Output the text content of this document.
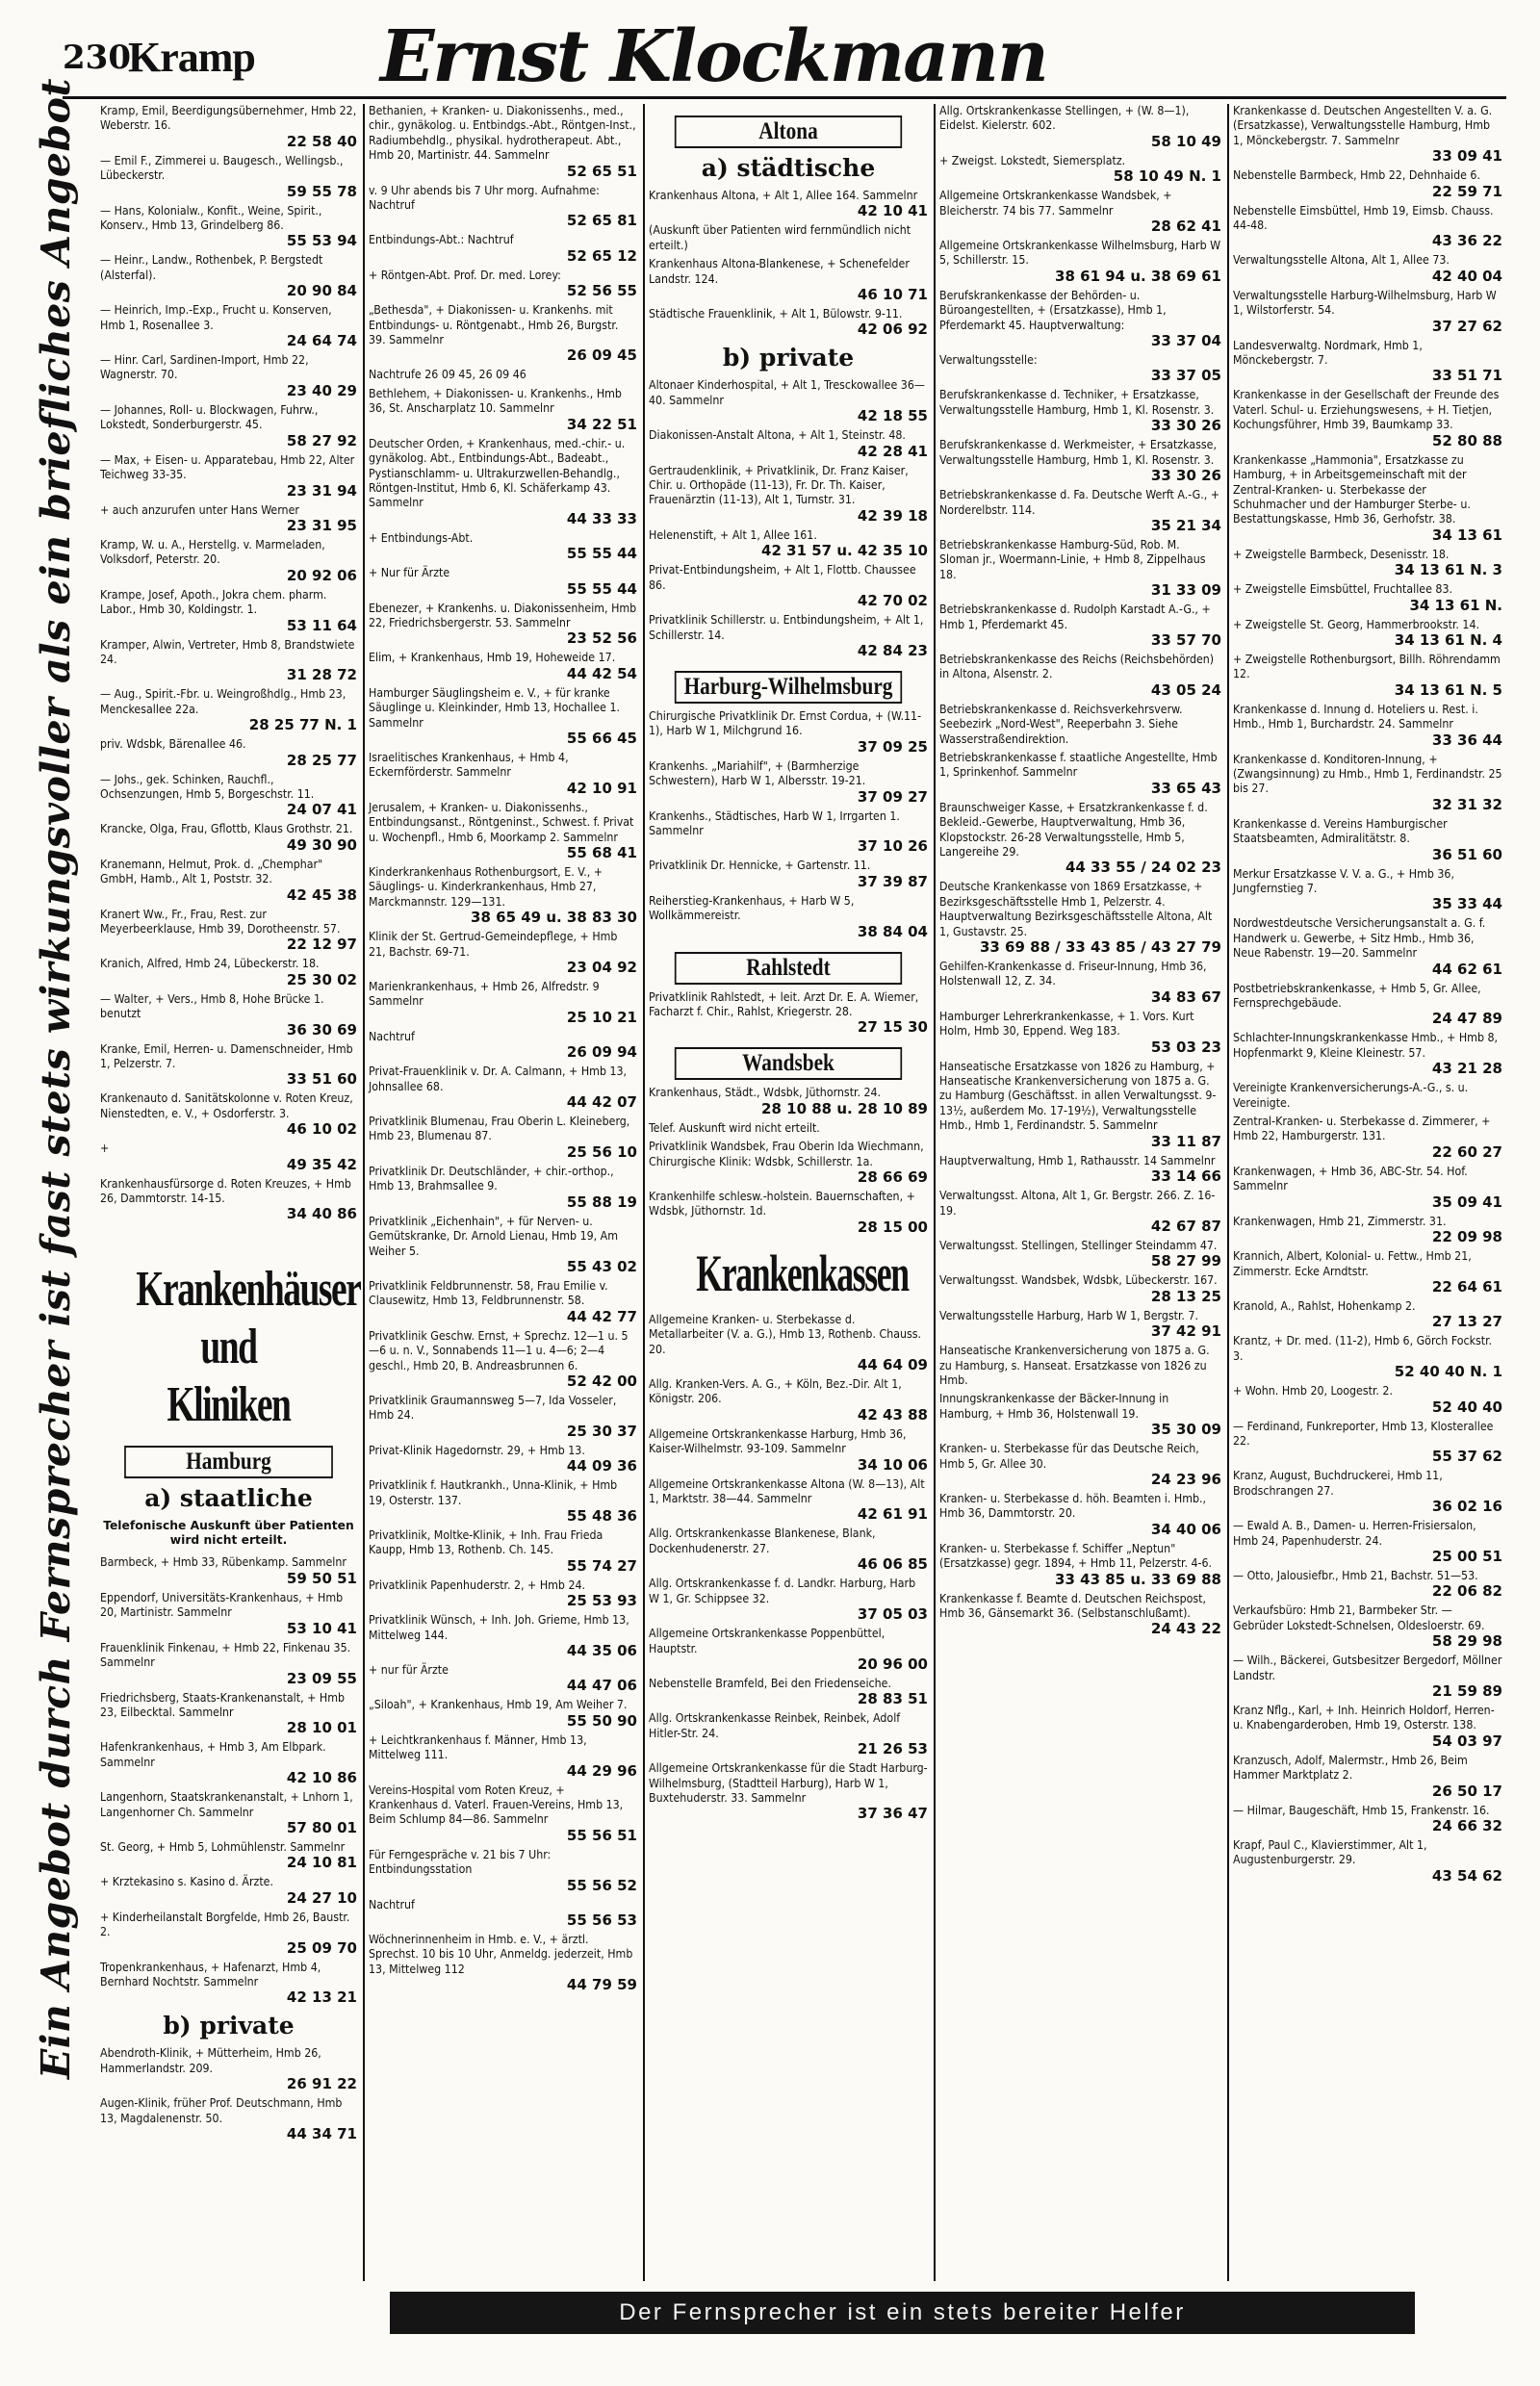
230
Kramp Ernst Klockmann
Ein Angebot durch Fernsprecher ist fast stets wirkungsvoller als ein briefliches Angebot	Kramp, Emil, Beerdigungsübernehmer, Hmb 22, Weberstr. 16.
22 58 40
— Emil F., Zimmerei u. Baugesch., Wellingsb., Lübeckerstr.
59 55 78
— Hans, Kolonialw., Konfit., Weine, Spirit., Konserv., Hmb 13, Grindelberg 86.
55 53 94
— Heinr., Landw., Rothenbek, P. Bergstedt (Alsterfal).
20 90 84
— Heinrich, Imp.-Exp., Frucht u. Konserven, Hmb 1, Rosenallee 3.
24 64 74
— Hinr. Carl, Sardinen-Import, Hmb 22, Wagnerstr. 70.
23 40 29
— Johannes, Roll- u. Blockwagen, Fuhrw., Lokstedt, Sonderburgerstr. 45.
58 27 92
— Max, + Eisen- u. Apparatebau, Hmb 22, Alter Teichweg 33-35.
23 31 94
+ auch anzurufen unter Hans Werner
23 31 95
Kramp, W. u. A., Herstellg. v. Marmeladen, Volksdorf, Peterstr. 20.
20 92 06
Krampe, Josef, Apoth., Jokra chem. pharm. Labor., Hmb 30, Koldingstr. 1.
53 11 64
Kramper, Alwin, Vertreter, Hmb 8, Brandstwiete 24.
31 28 72
— Aug., Spirit.-Fbr. u. Weingroßhdlg., Hmb 23, Menckesallee 22a.
28 25 77 N. 1
priv. Wdsbk, Bärenallee 46.
28 25 77
— Johs., gek. Schinken, Rauchfl., Ochsenzungen, Hmb 5, Borgeschstr. 11.
24 07 41
Krancke, Olga, Frau, Gflottb, Klaus Grothstr. 21.
49 30 90
Kranemann, Helmut, Prok. d. „Chemphar" GmbH, Hamb., Alt 1, Poststr. 32.
42 45 38
Kranert Ww., Fr., Frau, Rest. zur Meyerbeerklause, Hmb 39, Dorotheenstr. 57.
22 12 97
Kranich, Alfred, Hmb 24, Lübeckerstr. 18.
25 30 02
— Walter, + Vers., Hmb 8, Hohe Brücke 1. benutzt
36 30 69
Kranke, Emil, Herren- u. Damenschneider, Hmb 1, Pelzerstr. 7.
33 51 60
Krankenauto d. Sanitätskolonne v. Roten Kreuz, Nienstedten, e. V., + Osdorferstr. 3.
46 10 02
+
49 35 42
Krankenhausfürsorge d. Roten Kreuzes, + Hmb 26, Dammtorstr. 14-15.
34 40 86
Krankenhäuser und Kliniken
Hamburg
a) staatliche
Telefonische Auskunft über Patienten wird nicht erteilt.
Barmbeck, + Hmb 33, Rübenkamp. Sammelnr
59 50 51
Eppendorf, Universitäts-Krankenhaus, + Hmb 20, Martinistr. Sammelnr
53 10 41
Frauenklinik Finkenau, + Hmb 22, Finkenau 35. Sammelnr
23 09 55
Friedrichsberg, Staats-Krankenanstalt, + Hmb 23, Eilbecktal. Sammelnr
28 10 01
Hafenkrankenhaus, + Hmb 3, Am Elbpark. Sammelnr
42 10 86
Langenhorn, Staatskrankenanstalt, + Lnhorn 1, Langenhorner Ch. Sammelnr
57 80 01
St. Georg, + Hmb 5, Lohmühlenstr. Sammelnr
24 10 81
+ Krztekasino s. Kasino d. Ärzte.
24 27 10
+ Kinderheilanstalt Borgfelde, Hmb 26, Baustr. 2.
25 09 70
Tropenkrankenhaus, + Hafenarzt, Hmb 4, Bernhard Nochtstr. Sammelnr
42 13 21
b) private
Abendroth-Klinik, + Mütterheim, Hmb 26, Hammerlandstr. 209.
26 91 22
Augen-Klinik, früher Prof. Deutschmann, Hmb 13, Magdalenenstr. 50.
44 34 71
Bethanien, + Kranken- u. Diakonissenhs., med., chir., gynäkolog. u. Entbindgs.-Abt., Röntgen-Inst., Radiumbehdlg., physikal. hydrotherapeut. Abt., Hmb 20, Martinistr. 44. Sammelnr
52 65 51
v. 9 Uhr abends bis 7 Uhr morg. Aufnahme: Nachtruf
52 65 81
Entbindungs-Abt.: Nachtruf
52 65 12
+ Röntgen-Abt. Prof. Dr. med. Lorey:
52 56 55
„Bethesda", + Diakonissen- u. Krankenhs. mit Entbindungs- u. Röntgenabt., Hmb 26, Burgstr. 39. Sammelnr
26 09 45
Nachtrufe 26 09 45, 26 09 46
Bethlehem, + Diakonissen- u. Krankenhs., Hmb 36, St. Anscharplatz 10. Sammelnr
34 22 51
Deutscher Orden, + Krankenhaus, med.-chir.- u. gynäkolog. Abt., Entbindungs-Abt., Badeabt., Pystianschlamm- u. Ultrakurzwellen-Behandlg., Röntgen-Institut, Hmb 6, Kl. Schäferkamp 43. Sammelnr
44 33 33
+ Entbindungs-Abt.
55 55 44
+ Nur für Ärzte
55 55 44
Ebenezer, + Krankenhs. u. Diakonissenheim, Hmb 22, Friedrichsbergerstr. 53. Sammelnr
23 52 56
Elim, + Krankenhaus, Hmb 19, Hoheweide 17.
44 42 54
Hamburger Säuglingsheim e. V., + für kranke Säuglinge u. Kleinkinder, Hmb 13, Hochallee 1. Sammelnr
55 66 45
Israelitisches Krankenhaus, + Hmb 4, Eckernförderstr. Sammelnr
42 10 91
Jerusalem, + Kranken- u. Diakonissenhs., Entbindungsanst., Röntgeninst., Schwest. f. Privat u. Wochenpfl., Hmb 6, Moorkamp 2. Sammelnr
55 68 41
Kinderkrankenhaus Rothenburgsort, E. V., + Säuglings- u. Kinderkrankenhaus, Hmb 27, Marckmannstr. 129—131.
38 65 49 u. 38 83 30
Klinik der St. Gertrud-Gemeindepflege, + Hmb 21, Bachstr. 69-71.
23 04 92
Marienkrankenhaus, + Hmb 26, Alfredstr. 9 Sammelnr
25 10 21
Nachtruf
26 09 94
Privat-Frauenklinik v. Dr. A. Calmann, + Hmb 13, Johnsallee 68.
44 42 07
Privatklinik Blumenau, Frau Oberin L. Kleineberg, Hmb 23, Blumenau 87.
25 56 10
Privatklinik Dr. Deutschländer, + chir.-orthop., Hmb 13, Brahmsallee 9.
55 88 19
Privatklinik „Eichenhain", + für Nerven- u. Gemütskranke, Dr. Arnold Lienau, Hmb 19, Am Weiher 5.
55 43 02
Privatklinik Feldbrunnenstr. 58, Frau Emilie v. Clausewitz, Hmb 13, Feldbrunnenstr. 58.
44 42 77
Privatklinik Geschw. Ernst, + Sprechz. 12—1 u. 5—6 u. n. V., Sonnabends 11—1 u. 4—6; 2—4 geschl., Hmb 20, B. Andreasbrunnen 6.
52 42 00
Privatklinik Graumannsweg 5—7, Ida Vosseler, Hmb 24.
25 30 37
Privat-Klinik Hagedornstr. 29, + Hmb 13.
44 09 36
Privatklinik f. Hautkrankh., Unna-Klinik, + Hmb 19, Osterstr. 137.
55 48 36
Privatklinik, Moltke-Klinik, + Inh. Frau Frieda Kaupp, Hmb 13, Rothenb. Ch. 145.
55 74 27
Privatklinik Papenhuderstr. 2, + Hmb 24.
25 53 93
Privatklinik Wünsch, + Inh. Joh. Grieme, Hmb 13, Mittelweg 144.
44 35 06
+ nur für Ärzte
44 47 06
„Siloah", + Krankenhaus, Hmb 19, Am Weiher 7.
55 50 90
+ Leichtkrankenhaus f. Männer, Hmb 13, Mittelweg 111.
44 29 96
Vereins-Hospital vom Roten Kreuz, + Krankenhaus d. Vaterl. Frauen-Vereins, Hmb 13, Beim Schlump 84—86. Sammelnr
55 56 51
Für Ferngespräche v. 21 bis 7 Uhr: Entbindungsstation
55 56 52
Nachtruf
55 56 53
Wöchnerinnenheim in Hmb. e. V., + ärztl. Sprechst. 10 bis 10 Uhr, Anmeldg. jederzeit, Hmb 13, Mittelweg 112
44 79 59
Altona
a) städtische
Krankenhaus Altona, + Alt 1, Allee 164. Sammelnr
42 10 41
(Auskunft über Patienten wird fernmündlich nicht erteilt.)
Krankenhaus Altona-Blankenese, + Schenefelder Landstr. 124.
46 10 71
Städtische Frauenklinik, + Alt 1, Bülowstr. 9-11.
42 06 92
b) private
Altonaer Kinderhospital, + Alt 1, Tresckowallee 36—40. Sammelnr
42 18 55
Diakonissen-Anstalt Altona, + Alt 1, Steinstr. 48.
42 28 41
Gertraudenklinik, + Privatklinik, Dr. Franz Kaiser, Chir. u. Orthopäde (11-13), Fr. Dr. Th. Kaiser, Frauenärztin (11-13), Alt 1, Turnstr. 31.
42 39 18
Helenenstift, + Alt 1, Allee 161.
42 31 57 u. 42 35 10
Privat-Entbindungsheim, + Alt 1, Flottb. Chaussee 86.
42 70 02
Privatklinik Schillerstr. u. Entbindungsheim, + Alt 1, Schillerstr. 14.
42 84 23
Harburg-Wilhelmsburg
Chirurgische Privatklinik Dr. Ernst Cordua, + (W.11-1), Harb W 1, Milchgrund 16.
37 09 25
Krankenhs. „Mariahilf", + (Barmherzige Schwestern), Harb W 1, Albersstr. 19-21.
37 09 27
Krankenhs., Städtisches, Harb W 1, Irrgarten 1. Sammelnr
37 10 26
Privatklinik Dr. Hennicke, + Gartenstr. 11.
37 39 87
Reiherstieg-Krankenhaus, + Harb W 5, Wollkämmereistr.
38 84 04
Rahlstedt
Privatklinik Rahlstedt, + leit. Arzt Dr. E. A. Wiemer, Facharzt f. Chir., Rahlst, Kriegerstr. 28.
27 15 30
Wandsbek
Krankenhaus, Städt., Wdsbk, Jüthornstr. 24.
28 10 88 u. 28 10 89
Telef. Auskunft wird nicht erteilt.
Privatklinik Wandsbek, Frau Oberin Ida Wiechmann, Chirurgische Klinik: Wdsbk, Schillerstr. 1a.
28 66 69
Krankenhilfe schlesw.-holstein. Bauernschaften, + Wdsbk, Jüthornstr. 1d.
28 15 00
Krankenkassen
Allgemeine Kranken- u. Sterbekasse d. Metallarbeiter (V. a. G.), Hmb 13, Rothenb. Chauss. 20.
44 64 09
Allg. Kranken-Vers. A. G., + Köln, Bez.-Dir. Alt 1, Königstr. 206.
42 43 88
Allgemeine Ortskrankenkasse Harburg, Hmb 36, Kaiser-Wilhelmstr. 93-109. Sammelnr
34 10 06
Allgemeine Ortskrankenkasse Altona (W. 8—13), Alt 1, Marktstr. 38—44. Sammelnr
42 61 91
Allg. Ortskrankenkasse Blankenese, Blank, Dockenhudenerstr. 27.
46 06 85
Allg. Ortskrankenkasse f. d. Landkr. Harburg, Harb W 1, Gr. Schippsee 32.
37 05 03
Allgemeine Ortskrankenkasse Poppenbüttel, Hauptstr.
20 96 00
Nebenstelle Bramfeld, Bei den Friedenseiche.
28 83 51
Allg. Ortskrankenkasse Reinbek, Reinbek, Adolf Hitler-Str. 24.
21 26 53
Allgemeine Ortskrankenkasse für die Stadt Harburg-Wilhelmsburg, (Stadtteil Harburg), Harb W 1, Buxtehuderstr. 33. Sammelnr
37 36 47
Allg. Ortskrankenkasse Stellingen, + (W. 8—1), Eidelst. Kielerstr. 602.
58 10 49
+ Zweigst. Lokstedt, Siemersplatz.
58 10 49 N. 1
Allgemeine Ortskrankenkasse Wandsbek, + Bleicherstr. 74 bis 77. Sammelnr
28 62 41
Allgemeine Ortskrankenkasse Wilhelmsburg, Harb W 5, Schillerstr. 15.
38 61 94 u. 38 69 61
Berufskrankenkasse der Behörden- u. Büroangestellten, + (Ersatzkasse), Hmb 1, Pferdemarkt 45. Hauptverwaltung:
33 37 04
Verwaltungsstelle:
33 37 05
Berufskrankenkasse d. Techniker, + Ersatzkasse, Verwaltungsstelle Hamburg, Hmb 1, Kl. Rosenstr. 3.
33 30 26
Berufskrankenkasse d. Werkmeister, + Ersatzkasse, Verwaltungsstelle Hamburg, Hmb 1, Kl. Rosenstr. 3.
33 30 26
Betriebskrankenkasse d. Fa. Deutsche Werft A.-G., + Norderelbstr. 114.
35 21 34
Betriebskrankenkasse Hamburg-Süd, Rob. M. Sloman jr., Woermann-Linie, + Hmb 8, Zippelhaus 18.
31 33 09
Betriebskrankenkasse d. Rudolph Karstadt A.-G., + Hmb 1, Pferdemarkt 45.
33 57 70
Betriebskrankenkasse des Reichs (Reichsbehörden) in Altona, Alsenstr. 2.
43 05 24
Betriebskrankenkasse d. Reichsverkehrsverw. Seebezirk „Nord-West", Reeperbahn 3. Siehe Wasserstraßendirektion.
Betriebskrankenkasse f. staatliche Angestellte, Hmb 1, Sprinkenhof. Sammelnr
33 65 43
Braunschweiger Kasse, + Ersatzkrankenkasse f. d. Bekleid.-Gewerbe, Hauptverwaltung, Hmb 36, Klopstockstr. 26-28 Verwaltungsstelle, Hmb 5, Langereihe 29.
44 33 55 / 24 02 23
Deutsche Krankenkasse von 1869 Ersatzkasse, + Bezirksgeschäftsstelle Hmb 1, Pelzerstr. 4. Hauptverwaltung Bezirksgeschäftsstelle Altona, Alt 1, Gustavstr. 25.
33 69 88 / 33 43 85 / 43 27 79
Gehilfen-Krankenkasse d. Friseur-Innung, Hmb 36, Holstenwall 12, Z. 34.
34 83 67
Hamburger Lehrerkrankenkasse, + 1. Vors. Kurt Holm, Hmb 30, Eppend. Weg 183.
53 03 23
Hanseatische Ersatzkasse von 1826 zu Hamburg, + Hanseatische Krankenversicherung von 1875 a. G. zu Hamburg (Geschäftsst. in allen Verwaltungsst. 9-13½, außerdem Mo. 17-19½), Verwaltungsstelle Hmb., Hmb 1, Ferdinandstr. 5. Sammelnr
33 11 87
Hauptverwaltung, Hmb 1, Rathausstr. 14 Sammelnr
33 14 66
Verwaltungsst. Altona, Alt 1, Gr. Bergstr. 266. Z. 16-19.
42 67 87
Verwaltungsst. Stellingen, Stellinger Steindamm 47.
58 27 99
Verwaltungsst. Wandsbek, Wdsbk, Lübeckerstr. 167.
28 13 25
Verwaltungsstelle Harburg, Harb W 1, Bergstr. 7.
37 42 91
Hanseatische Krankenversicherung von 1875 a. G. zu Hamburg, s. Hanseat. Ersatzkasse von 1826 zu Hmb.
Innungskrankenkasse der Bäcker-Innung in Hamburg, + Hmb 36, Holstenwall 19.
35 30 09
Kranken- u. Sterbekasse für das Deutsche Reich, Hmb 5, Gr. Allee 30.
24 23 96
Kranken- u. Sterbekasse d. höh. Beamten i. Hmb., Hmb 36, Dammtorstr. 20.
34 40 06
Kranken- u. Sterbekasse f. Schiffer „Neptun" (Ersatzkasse) gegr. 1894, + Hmb 11, Pelzerstr. 4-6.
33 43 85 u. 33 69 88
Krankenkasse f. Beamte d. Deutschen Reichspost, Hmb 36, Gänsemarkt 36. (Selbstanschlußamt).
24 43 22
Krankenkasse d. Deutschen Angestellten V. a. G. (Ersatzkasse), Verwaltungsstelle Hamburg, Hmb 1, Mönckebergstr. 7. Sammelnr
33 09 41
Nebenstelle Barmbeck, Hmb 22, Dehnhaide 6.
22 59 71
Nebenstelle Eimsbüttel, Hmb 19, Eimsb. Chauss. 44-48.
43 36 22
Verwaltungsstelle Altona, Alt 1, Allee 73.
42 40 04
Verwaltungsstelle Harburg-Wilhelmsburg, Harb W 1, Wilstorferstr. 54.
37 27 62
Landesverwaltg. Nordmark, Hmb 1, Mönckebergstr. 7.
33 51 71
Krankenkasse in der Gesellschaft der Freunde des Vaterl. Schul- u. Erziehungswesens, + H. Tietjen, Kochungsführer, Hmb 39, Baumkamp 33.
52 80 88
Krankenkasse „Hammonia", Ersatzkasse zu Hamburg, + in Arbeitsgemeinschaft mit der Zentral-Kranken- u. Sterbekasse der Schuhmacher und der Hamburger Sterbe- u. Bestattungskasse, Hmb 36, Gerhofstr. 38.
34 13 61
+ Zweigstelle Barmbeck, Desenisstr. 18.
34 13 61 N. 3
+ Zweigstelle Eimsbüttel, Fruchtallee 83.
34 13 61 N.
+ Zweigstelle St. Georg, Hammerbrookstr. 14.
34 13 61 N. 4
+ Zweigstelle Rothenburgsort, Billh. Röhrendamm 12.
34 13 61 N. 5
Krankenkasse d. Innung d. Hoteliers u. Rest. i. Hmb., Hmb 1, Burchardstr. 24. Sammelnr
33 36 44
Krankenkasse d. Konditoren-Innung, + (Zwangsinnung) zu Hmb., Hmb 1, Ferdinandstr. 25 bis 27.
32 31 32
Krankenkasse d. Vereins Hamburgischer Staatsbeamten, Admiralitätstr. 8.
36 51 60
Merkur Ersatzkasse V. V. a. G., + Hmb 36, Jungfernstieg 7.
35 33 44
Nordwestdeutsche Versicherungsanstalt a. G. f. Handwerk u. Gewerbe, + Sitz Hmb., Hmb 36, Neue Rabenstr. 19—20. Sammelnr
44 62 61
Postbetriebskrankenkasse, + Hmb 5, Gr. Allee, Fernsprechgebäude.
24 47 89
Schlachter-Innungskrankenkasse Hmb., + Hmb 8, Hopfenmarkt 9, Kleine Kleinestr. 57.
43 21 28
Vereinigte Krankenversicherungs-A.-G., s. u. Vereinigte.
Zentral-Kranken- u. Sterbekasse d. Zimmerer, + Hmb 22, Hamburgerstr. 131.
22 60 27
Krankenwagen, + Hmb 36, ABC-Str. 54. Hof. Sammelnr
35 09 41
Krankenwagen, Hmb 21, Zimmerstr. 31.
22 09 98
Krannich, Albert, Kolonial- u. Fettw., Hmb 21, Zimmerstr. Ecke Arndtstr.
22 64 61
Kranold, A., Rahlst, Hohenkamp 2.
27 13 27
Krantz, + Dr. med. (11-2), Hmb 6, Görch Fockstr. 3.
52 40 40 N. 1
+ Wohn. Hmb 20, Loogestr. 2.
52 40 40
— Ferdinand, Funkreporter, Hmb 13, Klosterallee 22.
55 37 62
Kranz, August, Buchdruckerei, Hmb 11, Brodschrangen 27.
36 02 16
— Ewald A. B., Damen- u. Herren-Frisiersalon, Hmb 24, Papenhuderstr. 24.
25 00 51
— Otto, Jalousiefbr., Hmb 21, Bachstr. 51—53.
22 06 82
Verkaufsbüro: Hmb 21, Barmbeker Str. — Gebrüder Lokstedt-Schnelsen, Oldesloerstr. 69.
58 29 98
— Wilh., Bäckerei, Gutsbesitzer Bergedorf, Möllner Landstr.
21 59 89
Kranz Nflg., Karl, + Inh. Heinrich Holdorf, Herren- u. Knabengarderoben, Hmb 19, Osterstr. 138.
54 03 97
Kranzusch, Adolf, Malermstr., Hmb 26, Beim Hammer Marktplatz 2.
26 50 17
— Hilmar, Baugeschäft, Hmb 15, Frankenstr. 16.
24 66 32
Krapf, Paul C., Klavierstimmer, Alt 1, Augustenburgerstr. 29.
43 54 62
Der Fernsprecher ist ein stets bereiter Helfer
